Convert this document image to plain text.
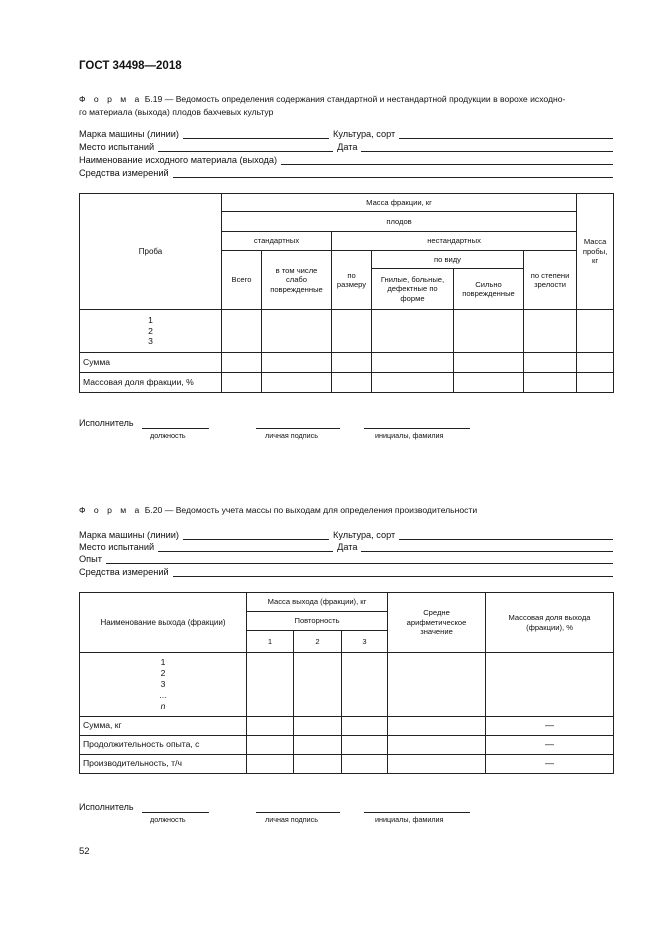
ГОСТ 34498—2018
Ф о р м а Б.19 — Ведомость определения содержания стандартной и нестандартной продукции в ворохе исходно-
го материала (выхода) плодов бахчевых культур
Марка машины (линии)	Культура, сорт
Место испытаний	Дата
Наименование исходного материала (выхода)
Средства измерений
Проба	Масса фракции, кг						Масса пробы, кг
	плодов						
	стандартных		нестандартных				
	Всего	в том числе слабо поврежденные	по размеру	по виду		по степени зрелости	
				Гнилые, больные, дефектные по форме	Сильно поврежденные		

1
2
3							

Сумма							
Массовая доля фракции, %							
Исполнитель
должность	личная подпись	инициалы, фамилия
Ф о р м а Б.20 — Ведомость учета массы по выходам для определения производительности
Марка машины (линии)	Культура, сорт
Место испытаний	Дата
Опыт
Средства измерений
Наименование выхода (фракции)	Масса выхода (фракции), кг			Средне арифметическое значение	Массовая доля выхода (фракции), %
	Повторность				
	1	2	3		

1
2
3
...
n					

Сумма, кг					—
Продолжительность опыта, с					—
Производительность, т/ч					—
Исполнитель
должность	личная подпись	инициалы, фамилия
52
